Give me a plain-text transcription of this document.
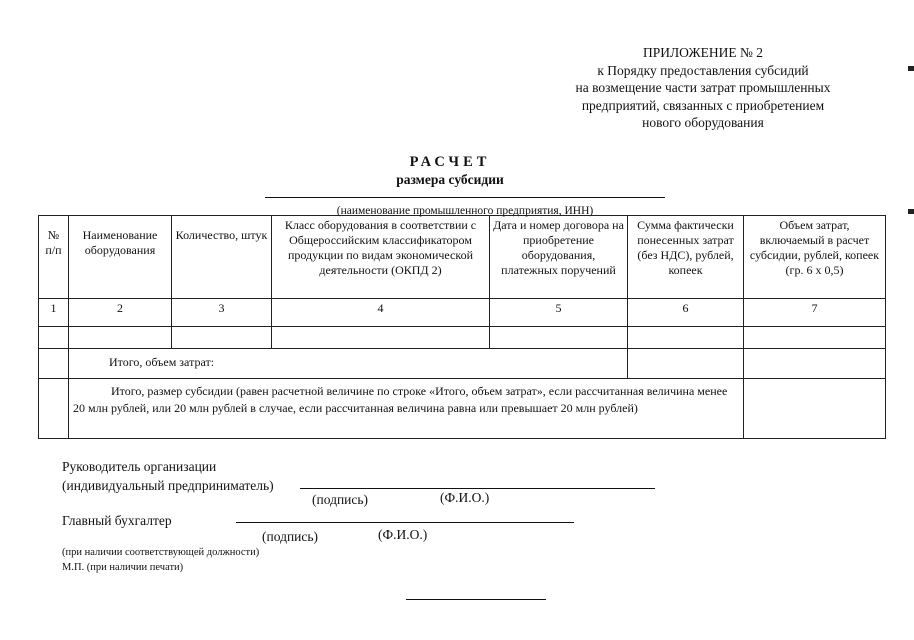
ПРИЛОЖЕНИЕ № 2
к Порядку предоставления субсидий
на возмещение части затрат промышленных
предприятий, связанных с приобретением
нового оборудования
РАСЧЕТ
размера субсидии
(наименование промышленного предприятия, ИНН)
№ п/п	Наименование оборудования	Количество, штук	Класс оборудования в соответствии с Общероссийским классификатором продукции по видам экономической деятельности (ОКПД 2)	Дата и номер договора на приобретение оборудования, платежных поручений	Сумма фактически понесенных затрат (без НДС), рублей, копеек	Объем затрат, включаемый в расчет субсидии, рублей, копеек (гр. 6 х 0,5)
1	2	3	4	5	6	7

	Итого, объем затрат:					
	Итого, размер субсидии (равен расчетной величине по строке «Итого, объем затрат», если рассчитанная величина менее 20 млн рублей, или 20 млн рублей в случае, если рассчитанная величина равна или превышает 20 млн рублей)					
Руководитель организации
(индивидуальный предприниматель)
(подпись)	(Ф.И.О.)
Главный бухгалтер
(подпись)	(Ф.И.О.)
(при наличии соответствующей должности)
М.П. (при наличии печати)
